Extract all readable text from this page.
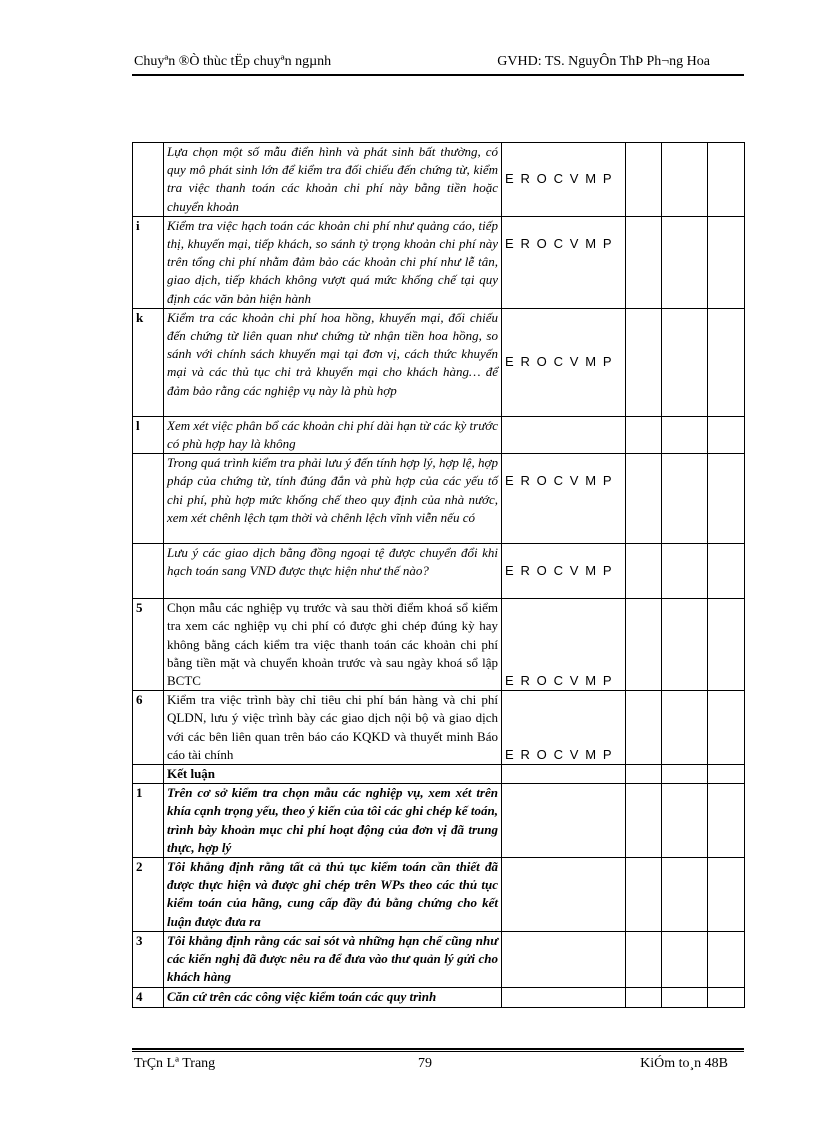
Chuyªn ®Ò thùc tËp chuyªn ngµnh	GVHD: TS. NguyÔn ThÞ Ph¬ng Hoa
	Lựa chọn một số mẫu điển hình và phát sinh bất thường, có quy mô phát sinh lớn để kiểm tra đối chiếu đến chứng từ, kiểm tra việc thanh toán các khoản chi phí này bằng tiền hoặc chuyển khoản	E R O C V M P			
i	Kiểm tra việc hạch toán các khoản chi phí như quảng cáo, tiếp thị, khuyến mại, tiếp khách, so sánh tỷ trọng khoản chi phí này trên tổng chi phí nhằm đảm bảo các khoản chi phí như lễ tân, giao dịch, tiếp khách không vượt quá mức khống chế tại quy định các văn bản hiện hành	E R O C V M P			
k	Kiểm tra các khoản chi phí hoa hồng, khuyến mại, đối chiếu đến chứng từ liên quan như chứng từ nhận tiền hoa hồng, so sánh với chính sách khuyến mại tại đơn vị, cách thức khuyến mại và các thủ tục chi trả khuyến mại cho khách hàng… để đảm bảo rằng các nghiệp vụ này là phù hợp	E R O C V M P			
l	Xem xét việc phân bổ các khoản chi phí dài hạn từ các kỳ trước có phù hợp hay là không				
	Trong quá trình kiểm tra phải lưu ý đến tính hợp lý, hợp lệ, hợp pháp của chứng từ, tính đúng đắn và phù hợp của các yếu tố chi phí, phù hợp mức khống chế theo quy định của nhà nước, xem xét chênh lệch tạm thời và chênh lệch vĩnh viễn nếu có	E R O C V M P			
	Lưu ý các giao dịch bằng đồng ngoại tệ được chuyển đổi khi hạch toán sang VND được thực hiện như thế nào?	E R O C V M P			
5	Chọn mẫu các nghiệp vụ trước và sau thời điểm khoá sổ kiểm tra xem các nghiệp vụ chi phí có được ghi chép đúng kỳ hay không bằng cách kiểm tra việc thanh toán các khoản chi phí bằng tiền mặt và chuyển khoản trước và sau ngày khoá sổ lập BCTC	E R O C V M P			
6	Kiểm tra việc trình bày chỉ tiêu chi phí bán hàng và chi phí QLDN, lưu ý việc trình bày các giao dịch nội bộ và giao dịch với các bên liên quan trên báo cáo KQKD và thuyết minh Báo cáo tài chính	E R O C V M P			
	Kết luận				
1	Trên cơ sở kiểm tra chọn mẫu các nghiệp vụ, xem xét trên khía cạnh trọng yếu, theo ý kiến của tôi các ghi chép kế toán, trình bày khoản mục chi phí hoạt động của đơn vị đã trung thực, hợp lý				
2	Tôi khẳng định rằng tất cả thủ tục kiểm toán cần thiết đã được thực hiện và được ghi chép trên WPs theo các thủ tục kiểm toán của hãng, cung cấp đầy đủ bằng chứng cho kết luận được đưa ra				
3	Tôi khẳng định rằng các sai sót và những hạn chế cũng như các kiến nghị đã được nêu ra để đưa vào thư quản lý gửi cho khách hàng				
4	Căn cứ trên các công việc kiểm toán các quy trình				
TrÇn Lª Trang	79	KiÓm to¸n 48B
